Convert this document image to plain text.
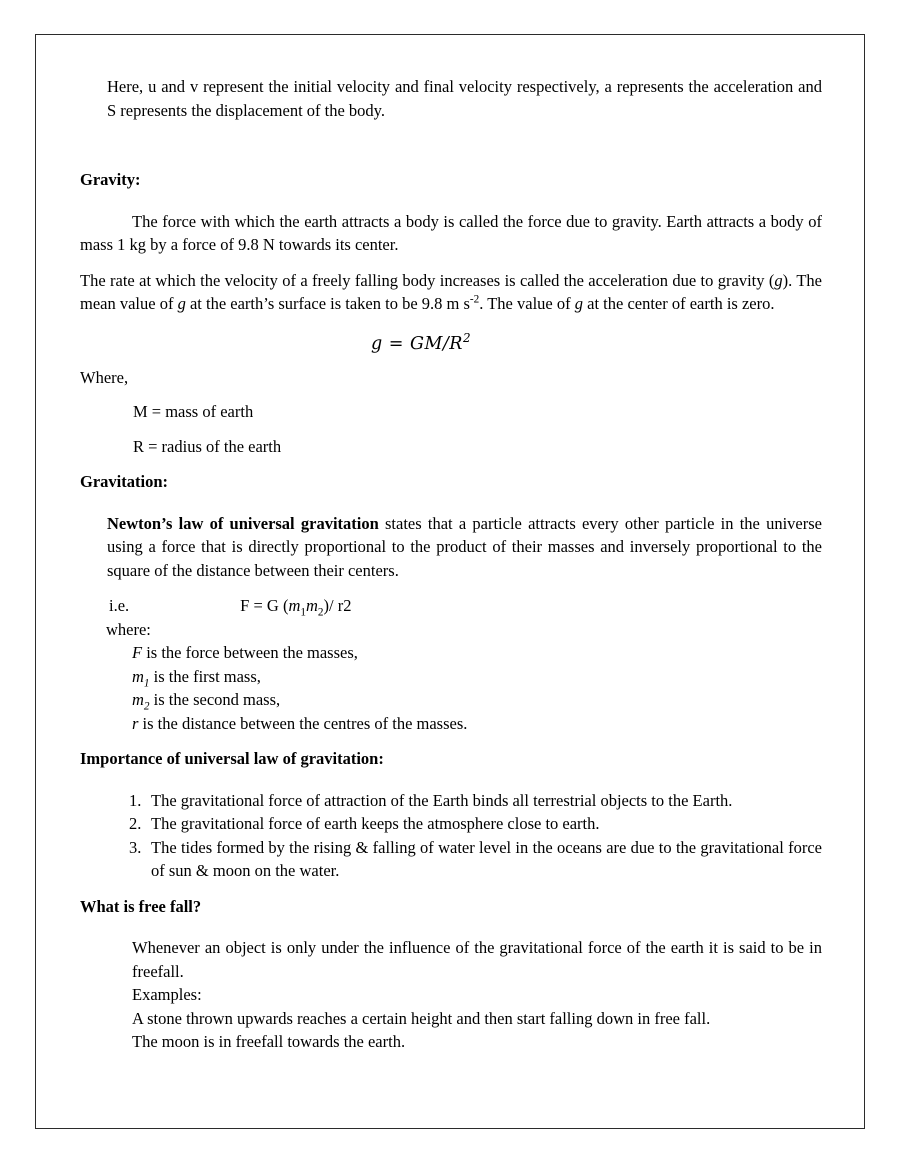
Here, u and v represent the initial velocity and final velocity respectively, a represents the acceleration and S represents the displacement of the body.

Gravity:

The force with which the earth attracts a body is called the force due to gravity. Earth attracts a body of mass 1 kg by a force of 9.8 N towards its center.

The rate at which the velocity of a freely falling body increases is called the acceleration due to gravity (g). The mean value of g at the earth’s surface is taken to be 9.8 m $s^{-2}$. The value of g at the center of earth is zero.

$g = GM/R^2$

Where,

M = mass of earth
R = radius of the earth

Gravitation:

Newton’s law of universal gravitation states that a particle attracts every other particle in the universe using a force that is directly proportional to the product of their masses and inversely proportional to the square of the distance between their centers.

i.e.	F = G $(m_1m_2)/$ r2

where:

F is the force between the masses,
$m_1$ is the first mass,
$m_2$ is the second mass,
r is the distance between the centres of the masses.

Importance of universal law of gravitation:

1. The gravitational force of attraction of the Earth binds all terrestrial objects to the Earth.
2. The gravitational force of earth keeps the atmosphere close to earth.
3. The tides formed by the rising & falling of water level in the oceans are due to the gravitational force of sun & moon on the water.

What is free fall?

Whenever an object is only under the influence of the gravitational force of the earth it is said to be in freefall.
Examples:
A stone thrown upwards reaches a certain height and then start falling down in free fall.
The moon is in freefall towards the earth.
